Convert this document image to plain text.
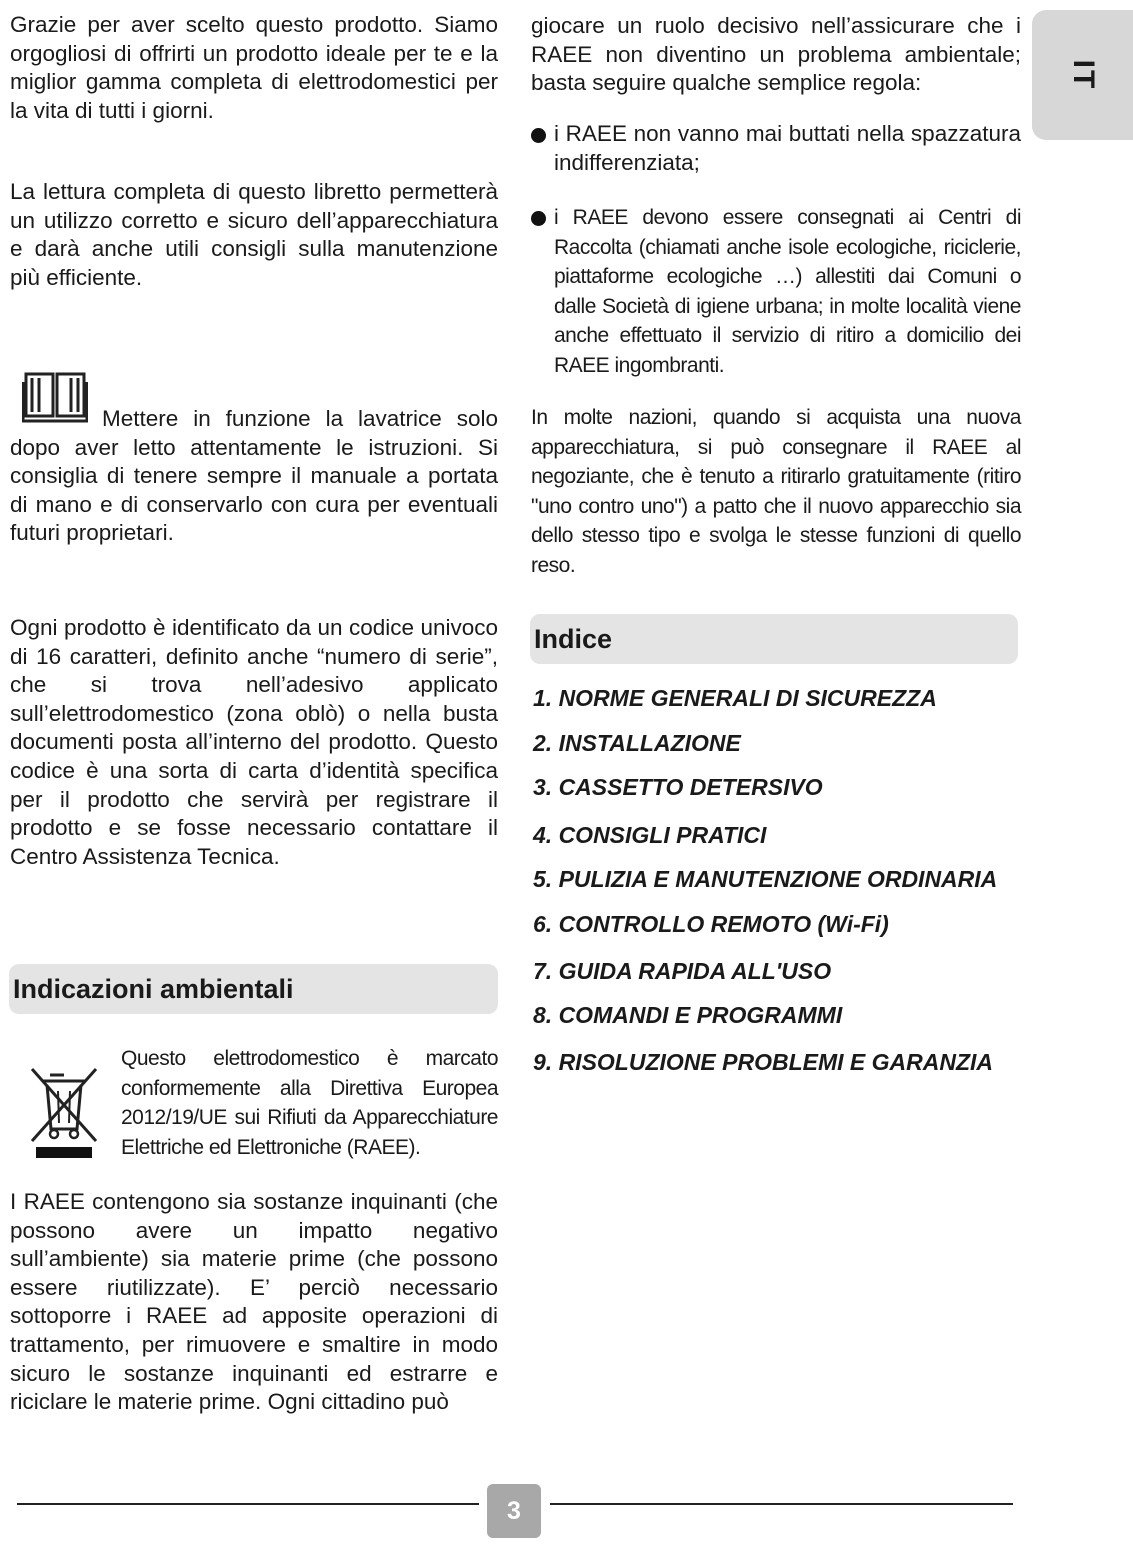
IT

Grazie per aver scelto questo prodotto. Siamo orgogliosi di offrirti un prodotto ideale per te e la miglior gamma completa di elettrodomestici per la vita di tutti i giorni.

La lettura completa di questo libretto permetterà un utilizzo corretto e sicuro dell’apparecchiatura e darà anche utili consigli sulla manutenzione più efficiente.

Mettere in funzione la lavatrice solo dopo aver letto attentamente le istruzioni. Si consiglia di tenere sempre il manuale a portata di mano e di conservarlo con cura per eventuali futuri proprietari.

Ogni prodotto è identificato da un codice univoco di 16 caratteri, definito anche “numero di serie”, che si trova nell’adesivo applicato sull’elettrodomestico (zona oblò) o nella busta documenti posta all’interno del prodotto. Questo codice è una sorta di carta d’identità specifica per il prodotto che servirà per registrare il prodotto e se fosse necessario contattare il Centro Assistenza Tecnica.

Indicazioni ambientali

Questo elettrodomestico è marcato conformemente alla Direttiva Europea 2012/19/UE sui Rifiuti da Apparecchiature Elettriche ed Elettroniche (RAEE).

I RAEE contengono sia sostanze inquinanti (che possono avere un impatto negativo sull’ambiente) sia materie prime (che possono essere riutilizzate). E’ perciò necessario sottoporre i RAEE ad apposite operazioni di trattamento, per rimuovere e smaltire in modo sicuro le sostanze inquinanti ed estrarre e riciclare le materie prime. Ogni cittadino può

giocare un ruolo decisivo nell’assicurare che i RAEE non diventino un problema ambientale; basta seguire qualche semplice regola:

i RAEE non vanno mai buttati nella spazzatura indifferenziata;
i RAEE devono essere consegnati ai Centri di Raccolta (chiamati anche isole ecologiche, riciclerie, piattaforme ecologiche …) allestiti dai Comuni o dalle Società di igiene urbana; in molte località viene anche effettuato il servizio di ritiro a domicilio dei RAEE ingombranti.

In molte nazioni, quando si acquista una nuova apparecchiatura, si può consegnare il RAEE al negoziante, che è tenuto a ritirarlo gratuitamente (ritiro "uno contro uno") a patto che il nuovo apparecchio sia dello stesso tipo e svolga le stesse funzioni di quello reso.

Indice
1. NORME GENERALI DI SICUREZZA
2. INSTALLAZIONE
3. CASSETTO DETERSIVO
4. CONSIGLI PRATICI
5. PULIZIA E MANUTENZIONE ORDINARIA
6. CONTROLLO REMOTO (Wi-Fi)
7. GUIDA RAPIDA ALL'USO
8. COMANDI E PROGRAMMI
9. RISOLUZIONE PROBLEMI E GARANZIA
3
